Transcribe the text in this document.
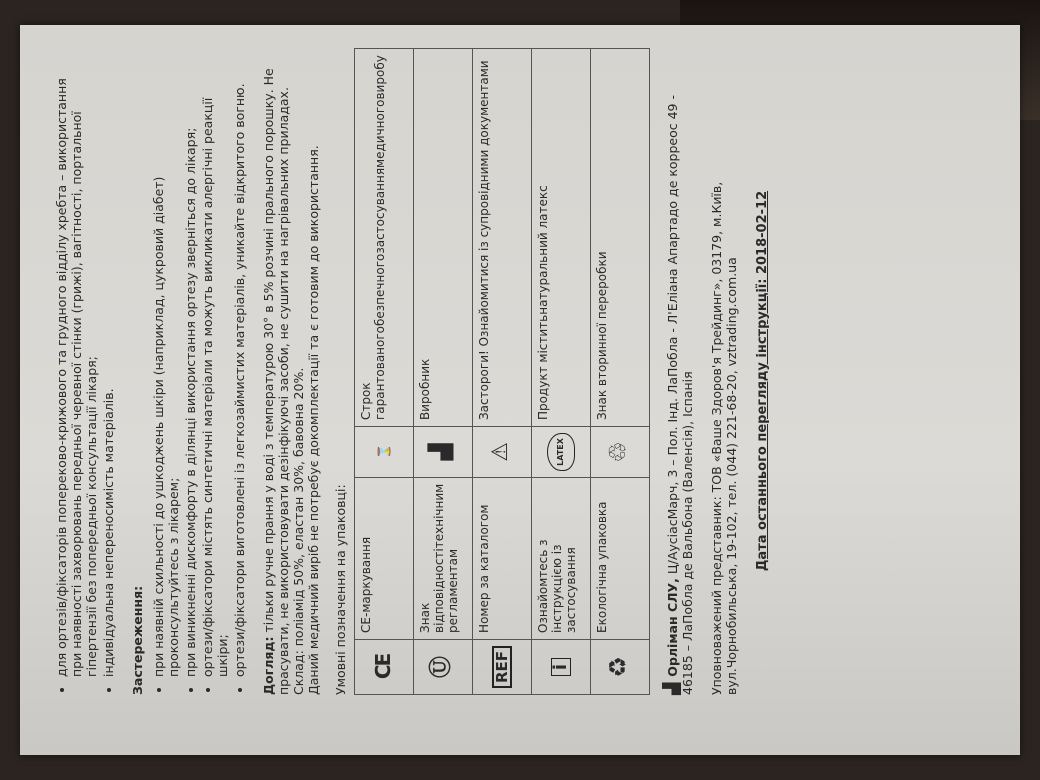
• для ортезів/фіксаторів попереково-крижового та грудного відділу хребта – використання при наявності захворювань передньої черевної стінки (грижі), вагітності, портальної гіпертензії без попередньої консультації лікаря; • індивідуальна непереносимість матеріалів. Застереження: • при наявній схильності до ушкоджень шкіри (наприклад, цукровий діабет) проконсультуйтесь з лікарем; • при виникненні дискомфорту в ділянці використання ортезу зверніться до лікаря; • ортези/фіксатори містять синтетичні матеріали та можуть викликати алергічні реакції шкіри; • ортези/фіксатори виготовлені із легкозаймистих матеріалів, уникайте відкритого вогню. Догляд: тільки ручне прання у воді з температурою 30° в 5% розчині прального порошку. Не прасувати, не використовувати дезінфікуючі засоби, не сушити на нагрівальних приладах. Склад: поліамід 50%, еластан 30%, бавовна 20%. Даний медичний виріб не потребує докомплектації та є готовим до використання. Умовні позначення на упаковці: CE	CE-маркування	⌛	Строк гарантованогобезпечногозастосуваннямедичноговиробу
Ⓤ	Знак відповідностітехнічним регламентам	▟	Виробник
REF	Номер за каталогом	⚠	Застороги! Ознайомитися із супровідними документами
i	Ознайомтесь з інструкцією із застосування	LATEX	Продукт міститьнатуральний латекс
♻	Екологічна упаковка	♲	Знак вторинної переробки
▟Орлiман СЛУ, Ц/АусіасМарч, 3 – Пол. Інд. ЛаПобла - Л'Еліана Апартадо де корреос 49 - 46185 – ЛаПобла де Вальбона (Валенсія), Іспанія Уповноважений представник: ТОВ «Ваше Здоров'я Трейдинг», 03179, м.Київ, вул.Чорнобильська, 19-102, тел. (044) 221-68-20, vztrading.com.ua Дата останнього перегляду інструкції: 2018-02-12
